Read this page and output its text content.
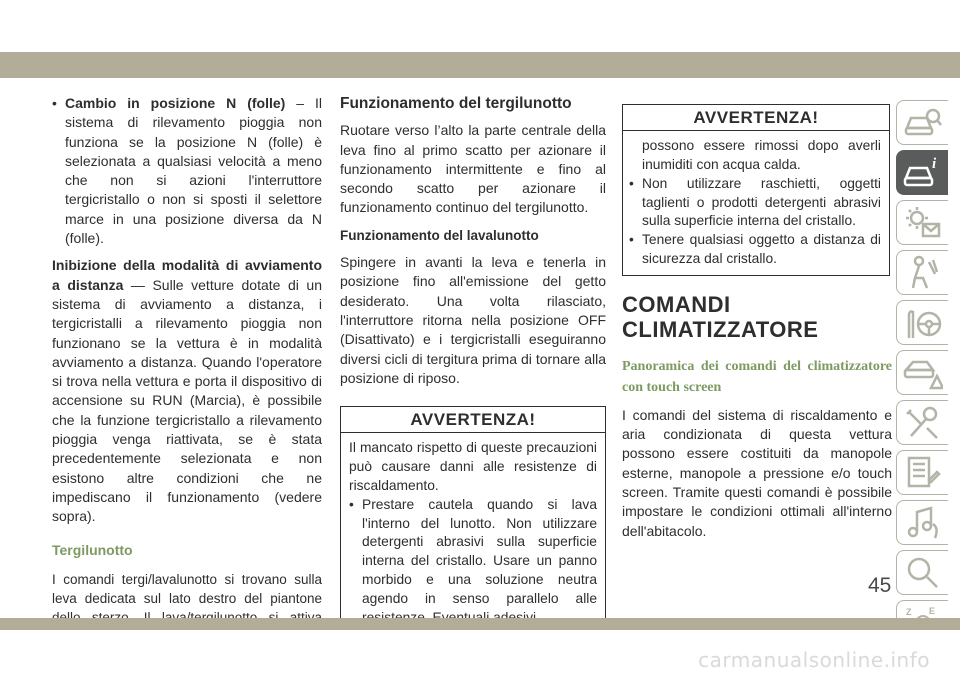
• Cambio in posizione N (folle) – Il sistema di rilevamento pioggia non funziona se la posizione N (folle) è selezionata a qualsiasi velocità a meno che non si azioni l'interruttore tergicristallo o non si sposti il selettore marce in una posizione diversa da N (folle).

Inibizione della modalità di avviamento a distanza — Sulle vetture dotate di un sistema di avviamento a distanza, i tergicristalli a rilevamento pioggia non funzionano se la vettura è in modalità avviamento a distanza. Quando l'operatore si trova nella vettura e porta il dispositivo di accensione su RUN (Marcia), è possibile che la funzione tergicristallo a rilevamento pioggia venga riattivata, se è stata precedentemente selezionata e non esistono altre condizioni che ne impediscano il funzionamento (vedere sopra).

Tergilunotto

I comandi tergi/lavalunotto si trovano sulla leva dedicata sul lato destro del piantone

Funzionamento del tergilunotto

Ruotare verso l’alto la parte centrale della leva fino al primo scatto per azionare il funzionamento intermittente e fino al secondo scatto per azionare il funzionamento continuo del tergilunotto.

Funzionamento del lavalunotto

Spingere in avanti la leva e tenerla in posizione fino all'emissione del getto desiderato. Una volta rilasciato, l'interruttore ritorna nella posizione OFF (Disattivato) e i tergicristalli eseguiranno diversi cicli di tergitura prima di tornare alla posizione di riposo.

AVVERTENZA!

Il mancato rispetto di queste precauzioni può causare danni alle resistenze di riscaldamento.

• Prestare cautela quando si lava l'interno del lunotto. Non utilizzare detergenti abrasivi sulla superficie interna del cristallo. Usare un panno morbido e una soluzione neutra agendo in senso parallelo alle
AVVERTENZA!
possono essere rimossi dopo averli inumiditi con acqua calda.
• Non utilizzare raschietti, oggetti taglienti o prodotti detergenti abrasivi sulla superficie interna del cristallo.
• Tenere qualsiasi oggetto a distanza di sicurezza dal cristallo.
COMANDI
CLIMATIZZATORE
Panoramica dei comandi del climatizzatore con touch screen

I comandi del sistema di riscaldamento e aria condizionata di questa vettura possono essere costituiti da manopole esterne, manopole a pressione e/o touch screen. Tramite questi comandi è possibile impostare le condizioni ottimali all'interno dell'abitacolo.

i
Z E
45
carmanualsonline.info
